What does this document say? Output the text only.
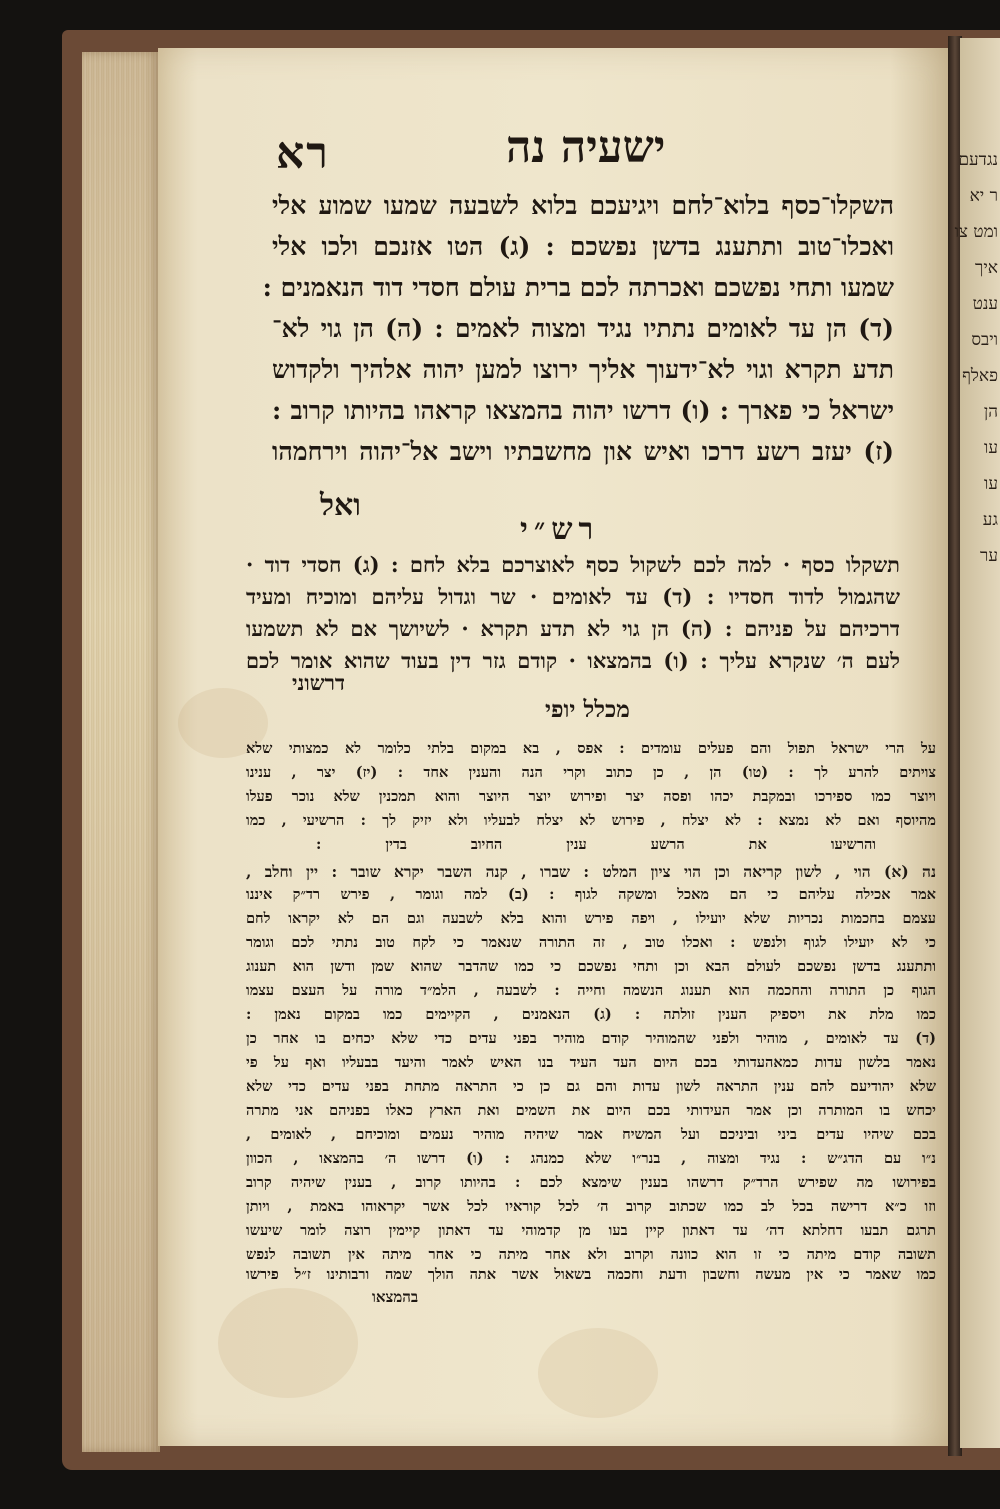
נגדעם
ר יא
ומט צו
איך
ענט
ויבס
פאלף
הן
עו
עו
גע
ער
רא	ישעיה נה
השקלו־כסף בלוא־לחם ויגיעכם בלוא לשבעה שמעו שמוע אלי
ואכלו־טוב ותתענג בדשן נפשכם : (ג) הטו אזנכם ולכו אלי
שמעו ותחי נפשכם ואכרתה לכם ברית עולם חסדי דוד הנאמנים :
(ד) הן עד לאומים נתתיו נגיד ומצוה לאמים : (ה) הן גוי לא־
תדע תקרא וגוי לא־ידעוך אליך ירוצו למען יהוה אלהיך ולקדוש
ישראל כי פארך : (ו) דרשו יהוה בהמצאו קראהו בהיותו קרוב :
(ז) יעזב רשע דרכו ואיש און מחשבתיו וישב אל־יהוה וירחמהו
ואל
רש״י
תשקלו כסף · למה לכם לשקול כסף לאוצרכם בלא לחם : (ג) חסדי דוד ·
שהגמול לדוד חסדיו : (ד) עד לאומים · שר וגדול עליהם ומוכיח ומעיד
דרכיהם על פניהם : (ה) הן גוי לא תדע תקרא · לשיושך אם לא תשמעו
לעם ה׳ שנקרא עליך : (ו) בהמצאו · קודם גזר דין בעוד שהוא אומר לכם
דרשוני
מכלל יופי
על הרי ישראל תפול והם פעלים עומדים : אפס , בא במקום בלתי כלומר לא כמצותי שלא
צויתים להרע לך : (טו) הן , כן כתוב וקרי הנה והענין אחד : (יז) יצר , ענינו
ויוצר כמו ספירכו ובמקבת יכהו ופסה יצר ופירוש יוצר היוצר והוא תמכנין שלא נוכר פעלו
מהיוסף ואם לא נמצא : לא יצלח , פירוש לא יצלח לבעליו ולא יזיק לך : הרשיעי , כמו
והרשיעו את הרשע ענין החיוב בדין :
נה (א) הוי , לשון קריאה וכן הוי ציון המלט : שברו , קנה השבר יקרא שובר : יין וחלב ,
אמר אכילה עליהם כי הם מאכל ומשקה לגוף : (ב) למה וגומר , פירש רד״ק איננו
עצמם בחכמות נכריות שלא יועילו , ויפה פירש והוא בלא לשבעה וגם הם לא יקראו לחם
כי לא יועילו לגוף ולנפש : ואכלו טוב , זה התורה שנאמר כי לקח טוב נתתי לכם וגומר
ותתענג בדשן נפשכם לעולם הבא וכן ותחי נפשכם כי כמו שהדבר שהוא שמן ודשן הוא תענוג
הגוף כן התורה והחכמה הוא תענוג הנשמה וחייה : לשבעה , הלמ״ד מורה על העצם עצמו
כמו מלת את ויספיק הענין זולתה : (ג) הנאמנים , הקיימים כמו במקום נאמן :
(ד) עד לאומים , מוהיר ולפני שהמוהיר קודם מוהיר בפני עדים כדי שלא יכחים בו אחר כן
נאמר בלשון עדות כמאהעדותי בכם היום העד העיד בנו האיש לאמר והיעד בבעליו ואף על פי
שלא יהודיעם להם ענין התראה לשון עדות והם גם כן כי התראה מתחת בפני עדים כדי שלא
יכחש בו המותרה וכן אמר העידותי בכם היום את השמים ואת הארץ כאלו בפניהם אני מתרה
בכם שיהיו עדים ביני וביניכם ועל המשיח אמר שיהיה מוהיר נעמים ומוכיחם , לאומים ,
נ״ו עם הדג״ש : נגיד ומצוה , בנר״ו שלא כמנהג : (ו) דרשו ה׳ בהמצאו , הכוון
בפירושו מה שפירש הרד״ק דרשהו בענין שימצא לכם : בהיותו קרוב , בענין שיהיה קרוב
וזו כ״א דרישה בכל לב כמו שכתוב קרוב ה׳ לכל קוראיו לכל אשר יקראוהו באמת , ויותן
תרגם תבעו דחלתא דה׳ עד דאתון קיין בעו מן קדמוהי עד דאתון קיימין רוצה לומר שיעשו
תשובה קודם מיתה כי זו הוא כוונה וקרוב ולא אחר מיתה כי אחר מיתה אין תשובה לנפש
כמו שאמר כי אין מעשה וחשבון ודעת וחכמה בשאול אשר אתה הולך שמה ורבותינו ז״ל פירשו
בהמצאו
